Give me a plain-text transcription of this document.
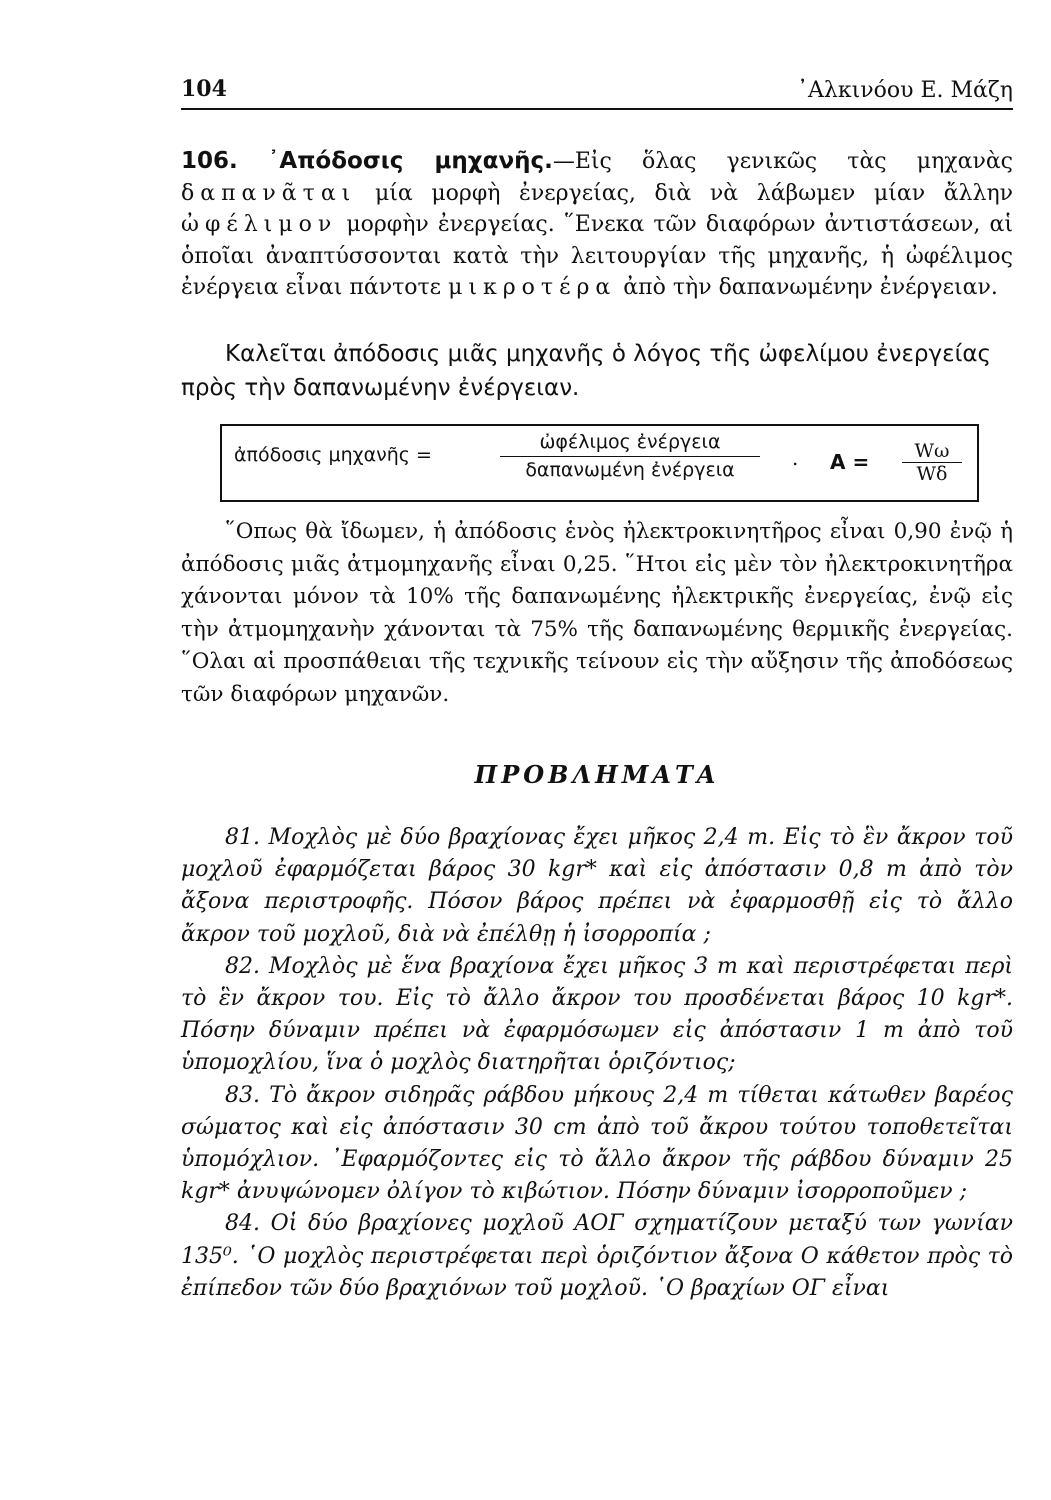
104	᾿Αλκινόου Ε. Μάζη

106. ᾿Απόδοσις μηχανῆς.—Εἰς ὅλας γενικῶς τὰς μηχανὰς δαπανᾶται μία μορφὴ ἐνεργείας, διὰ νὰ λάβωμεν μίαν ἄλλην ὠφέλιμον μορφὴν ἐνεργείας. ῞Ενεκα τῶν διαφόρων ἀντιστάσεων, αἱ ὁποῖαι ἀναπτύσσονται κατὰ τὴν λειτουργίαν τῆς μηχανῆς, ἡ ὠφέλιμος ἐνέργεια εἶναι πάντοτε μικροτέρα ἀπὸ τὴν δαπανωμένην ἐνέργειαν.

Καλεῖται ἀπόδοσις μιᾶς μηχανῆς ὁ λόγος τῆς ὠφελίμου ἐνεργείας πρὸς τὴν δαπανωμένην ἐνέργειαν.

ἀπόδοσις μηχανῆς =
ὠφέλιμος ἐνέργεια
δαπανωμένη ἐνέργεια	. $A = \frac{W\omega}{W\delta}$

῞Οπως θὰ ἴδωμεν, ἡ ἀπόδοσις ἑνὸς ἠλεκτροκινητῆρος εἶναι 0,90 ἐνῷ ἡ ἀπόδοσις μιᾶς ἀτμομηχανῆς εἶναι 0,25. ῞Ητοι εἰς μὲν τὸν ἠλεκτροκινητῆρα χάνονται μόνον τὰ 10% τῆς δαπανωμένης ἠλεκτρικῆς ἐνεργείας, ἐνῷ εἰς τὴν ἀτμομηχανὴν χάνονται τὰ 75% τῆς δαπανωμένης θερμικῆς ἐνεργείας. ῞Ολαι αἱ προσπάθειαι τῆς τεχνικῆς τείνουν εἰς τὴν αὔξησιν τῆς ἀποδόσεως τῶν διαφόρων μηχανῶν.

ΠΡΟΒΛΗΜΑΤΑ
81. Μοχλὸς μὲ δύο βραχίονας ἔχει μῆκος 2,4 m. Εἰς τὸ ἓν ἄκρον τοῦ μοχλοῦ ἐφαρμόζεται βάρος 30 kgr* καὶ εἰς ἀπόστασιν 0,8 m ἀπὸ τὸν ἄξονα περιστροφῆς. Πόσον βάρος πρέπει νὰ ἐφαρμοσθῇ εἰς τὸ ἄλλο ἄκρον τοῦ μοχλοῦ, διὰ νὰ ἐπέλθῃ ἡ ἰσορροπία ;
82. Μοχλὸς μὲ ἕνα βραχίονα ἔχει μῆκος 3 m καὶ περιστρέφεται περὶ τὸ ἓν ἄκρον του. Εἰς τὸ ἄλλο ἄκρον του προσδένεται βάρος 10 kgr*. Πόσην δύναμιν πρέπει νὰ ἐφαρμόσωμεν εἰς ἀπόστασιν 1 m ἀπὸ τοῦ ὑπομοχλίου, ἵνα ὁ μοχλὸς διατηρῆται ὁριζόντιος;
83. Τὸ ἄκρον σιδηρᾶς ράβδου μήκους 2,4 m τίθεται κάτωθεν βαρέος σώματος καὶ εἰς ἀπόστασιν 30 cm ἀπὸ τοῦ ἄκρου τούτου τοποθετεῖται ὑπομόχλιον. ᾿Εφαρμόζοντες εἰς τὸ ἄλλο ἄκρον τῆς ράβδου δύναμιν 25 kgr* ἀνυψώνομεν ὀλίγον τὸ κιβώτιον. Πόσην δύναμιν ἰσορροποῦμεν ;
84. Οἱ δύο βραχίονες μοχλοῦ ΑΟΓ σχηματίζουν μεταξύ των γωνίαν 135⁰. ῾Ο μοχλὸς περιστρέφεται περὶ ὁριζόντιον ἄξονα Ο κάθετον πρὸς τὸ ἐπίπεδον τῶν δύο βραχιόνων τοῦ μοχλοῦ. ῾Ο βραχίων ΟΓ εἶναι
